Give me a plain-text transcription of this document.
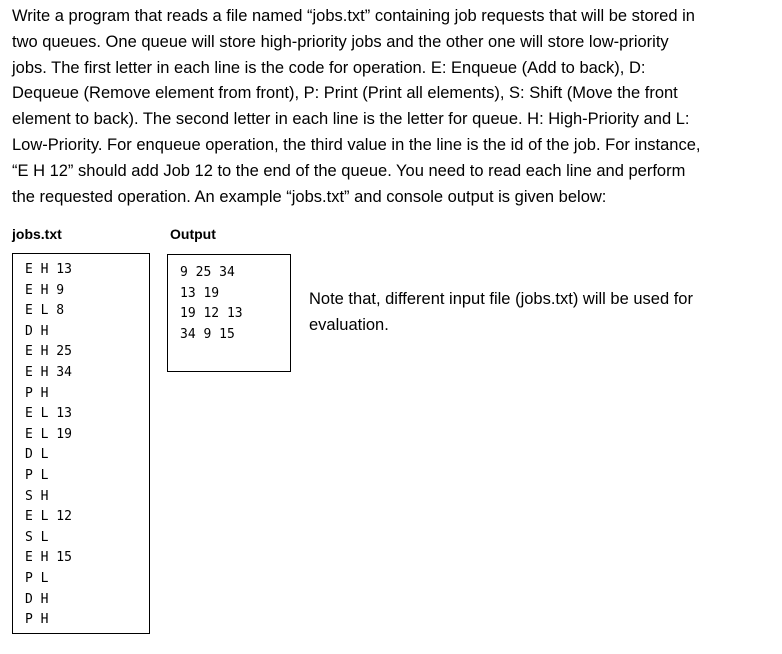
Write a program that reads a file named “jobs.txt” containing job requests that will be stored in
two queues. One queue will store high-priority jobs and the other one will store low-priority
jobs. The first letter in each line is the code for operation. E: Enqueue (Add to back), D:
Dequeue (Remove element from front), P: Print (Print all elements), S: Shift (Move the front
element to back). The second letter in each line is the letter for queue. H: High-Priority and L:
Low-Priority. For enqueue operation, the third value in the line is the id of the job. For instance,
“E H 12” should add Job 12 to the end of the queue. You need to read each line and perform
the requested operation. An example “jobs.txt” and console output is given below:
jobs.txt	Output
E H 13
E H 9
E L 8
D H
E H 25
E H 34
P H
E L 13
E L 19
D L
P L
S H
E L 12
S L
E H 15
P L
D H
P H
9 25 34
13 19
19 12 13
34 9 15
Note that, different input file (jobs.txt) will be used for
evaluation.
